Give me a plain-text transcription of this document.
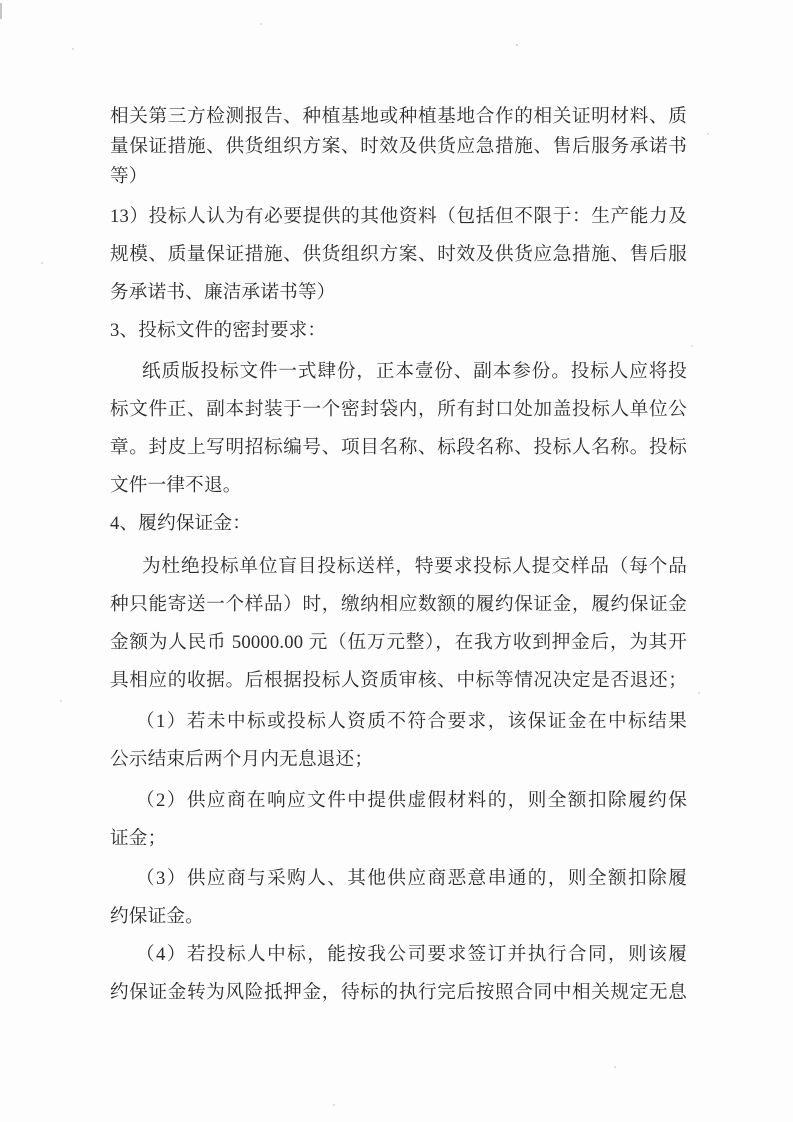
相关第三方检测报告、种植基地或种植基地合作的相关证明材料、质
量保证措施、供货组织方案、时效及供货应急措施、售后服务承诺书
等）
13）投标人认为有必要提供的其他资料（包括但不限于：生产能力及
规模、质量保证措施、供货组织方案、时效及供货应急措施、售后服
务承诺书、廉洁承诺书等）
3、投标文件的密封要求：
纸质版投标文件一式肆份，正本壹份、副本参份。投标人应将投
标文件正、副本封装于一个密封袋内，所有封口处加盖投标人单位公
章。封皮上写明招标编号、项目名称、标段名称、投标人名称。投标
文件一律不退。
4、履约保证金：
为杜绝投标单位盲目投标送样，特要求投标人提交样品（每个品
种只能寄送一个样品）时，缴纳相应数额的履约保证金，履约保证金
金额为人民币 50000.00 元（伍万元整），在我方收到押金后，为其开
具相应的收据。后根据投标人资质审核、中标等情况决定是否退还；
（1）若未中标或投标人资质不符合要求，该保证金在中标结果
公示结束后两个月内无息退还；
（2）供应商在响应文件中提供虚假材料的，则全额扣除履约保
证金；
（3）供应商与采购人、其他供应商恶意串通的，则全额扣除履
约保证金。
（4）若投标人中标，能按我公司要求签订并执行合同，则该履
约保证金转为风险抵押金，待标的执行完后按照合同中相关规定无息
